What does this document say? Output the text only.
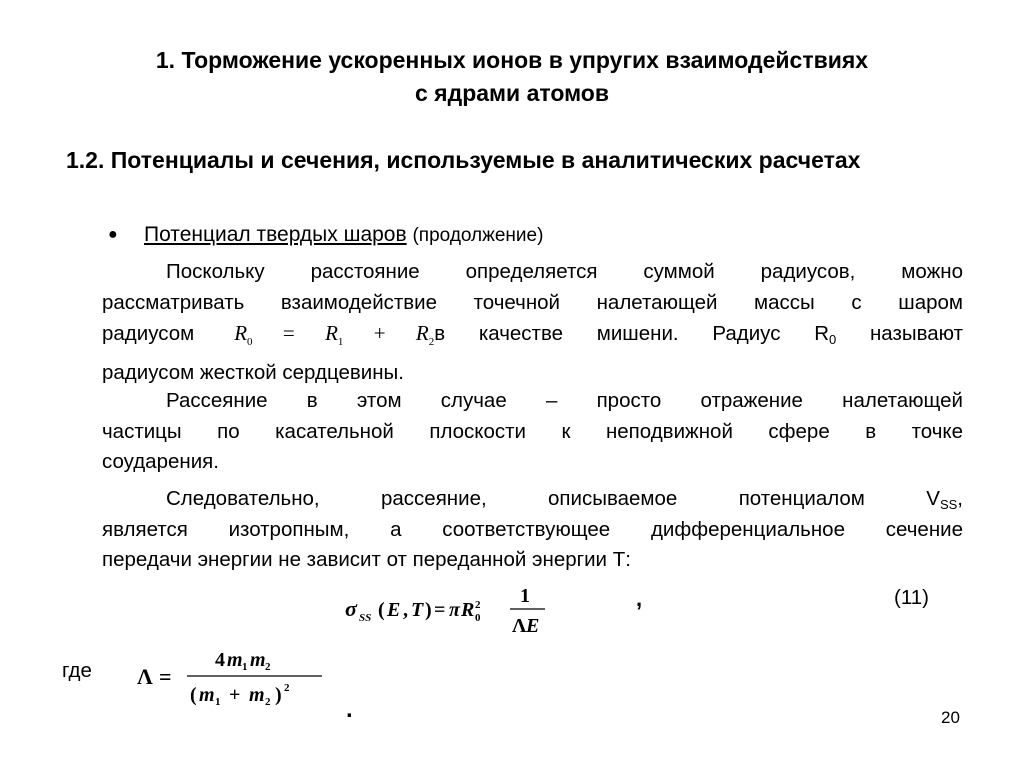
1. Торможение ускоренных ионов в упругих взаимодействиях
с ядрами атомов
1.2. Потенциалы и сечения, используемые в аналитических расчетах
● Потенциал твердых шаров (продолжение)
Поскольку расстояние определяется суммой радиусов, можно
рассматривать взаимодействие точечной налетающей массы с шаром
радиусом $R_0 = R_1 + R_2в$ качестве мишени. Радиус $R_0$ называют
радиусом жесткой сердцевины.
Рассеяние в этом случае – просто отражение налетающей
частицы по касательной плоскости к неподвижной сфере в точке
соударения.
Следовательно, рассеяние, описываемое потенциалом $V_{SS}$,
является изотропным, а соответствующее дифференциальное сечение
передачи энергии не зависит от переданной энергии Т:
σ SS ( E , T ) = π R 2
0
1
Λ E
,	(11)
где Λ =
4 m 1 m 2
( m 1 + m 2 ) 2
.	20
